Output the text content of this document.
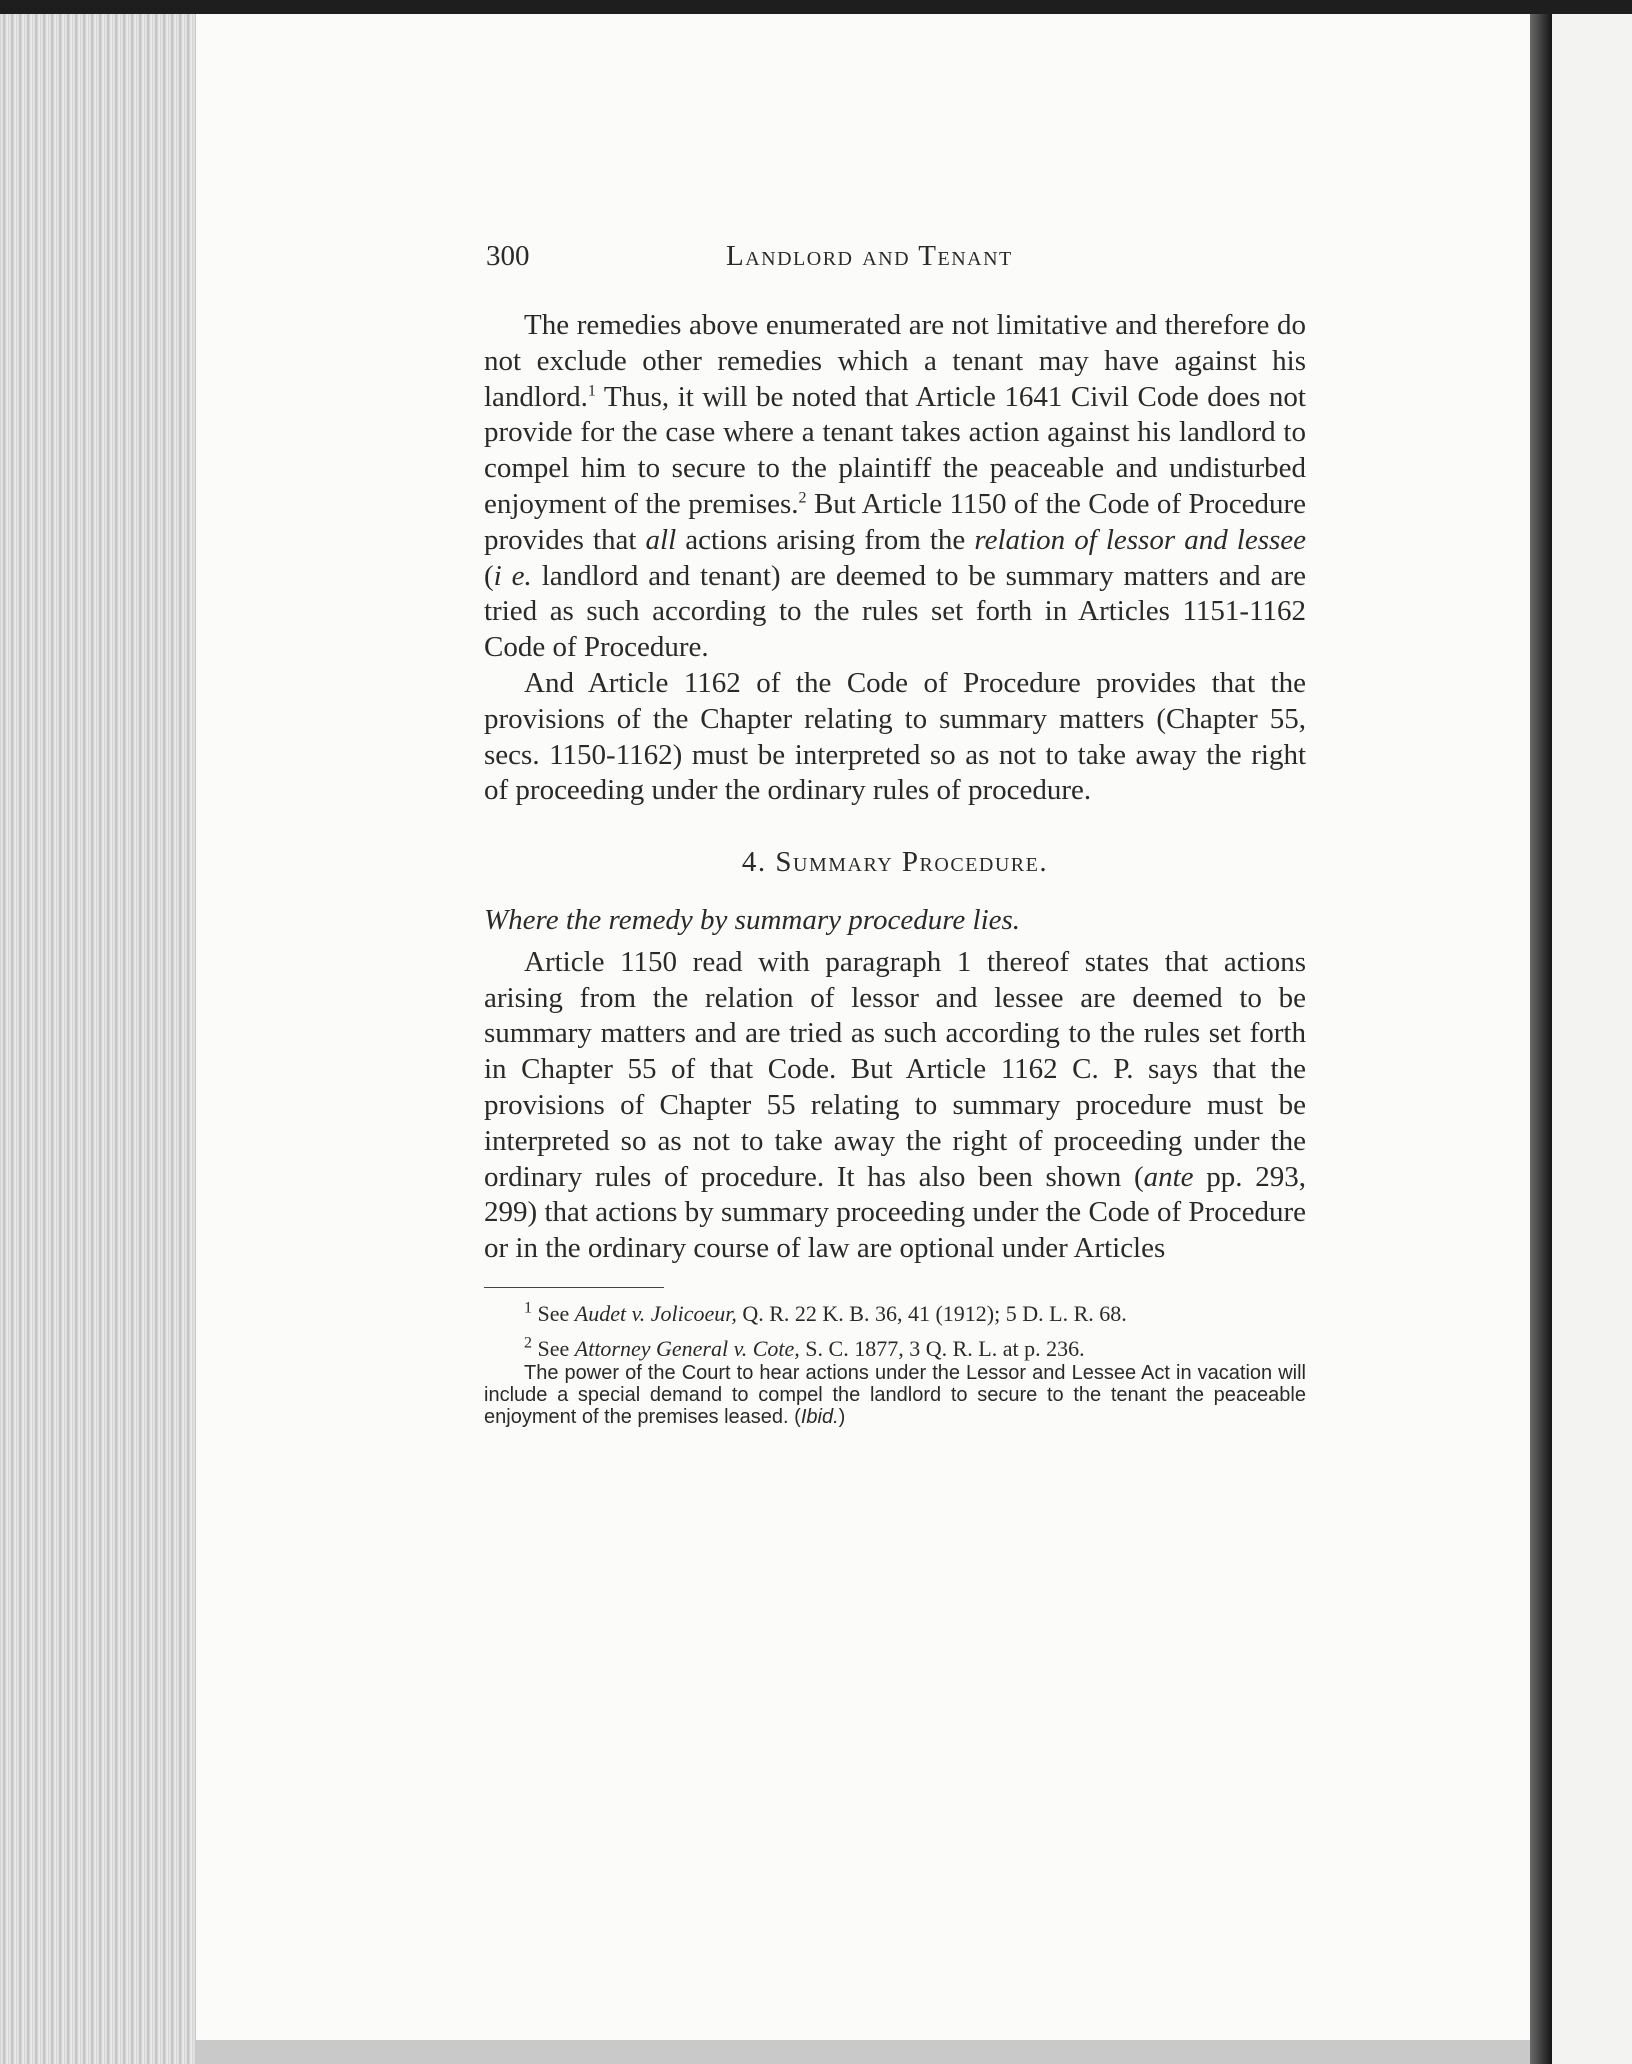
300	Landlord and Tenant

The remedies above enumerated are not limitative and therefore do not exclude other remedies which a tenant may have against his landlord.$^1$ Thus, it will be noted that Article 1641 Civil Code does not provide for the case where a tenant takes action against his landlord to compel him to secure to the plaintiff the peaceable and undisturbed enjoyment of the premises.$^2$ But Article 1150 of the Code of Procedure provides that all actions arising from the relation of lessor and lessee (i e. landlord and tenant) are deemed to be summary matters and are tried as such according to the rules set forth in Articles 1151-1162 Code of Procedure.

And Article 1162 of the Code of Procedure provides that the provisions of the Chapter relating to summary matters (Chapter 55, secs. 1150-1162) must be interpreted so as not to take away the right of proceeding under the ordinary rules of procedure.

4. Summary Procedure.
Where the remedy by summary procedure lies.

Article 1150 read with paragraph 1 thereof states that actions arising from the relation of lessor and lessee are deemed to be summary matters and are tried as such according to the rules set forth in Chapter 55 of that Code. But Article 1162 C. P. says that the provisions of Chapter 55 relating to summary procedure must be interpreted so as not to take away the right of proceeding under the ordinary rules of procedure. It has also been shown (ante pp. 293, 299) that actions by summary proceeding under the Code of Procedure or in the ordinary course of law are optional under Articles

$^1$ See Audet v. Jolicoeur, Q. R. 22 K. B. 36, 41 (1912); 5 D. L. R. 68.

$^2$ See Attorney General v. Cote, S. C. 1877, 3 Q. R. L. at p. 236.

The power of the Court to hear actions under the Lessor and Lessee Act in vacation will include a special demand to compel the landlord to secure to the tenant the peaceable enjoyment of the premises leased. (Ibid.)
